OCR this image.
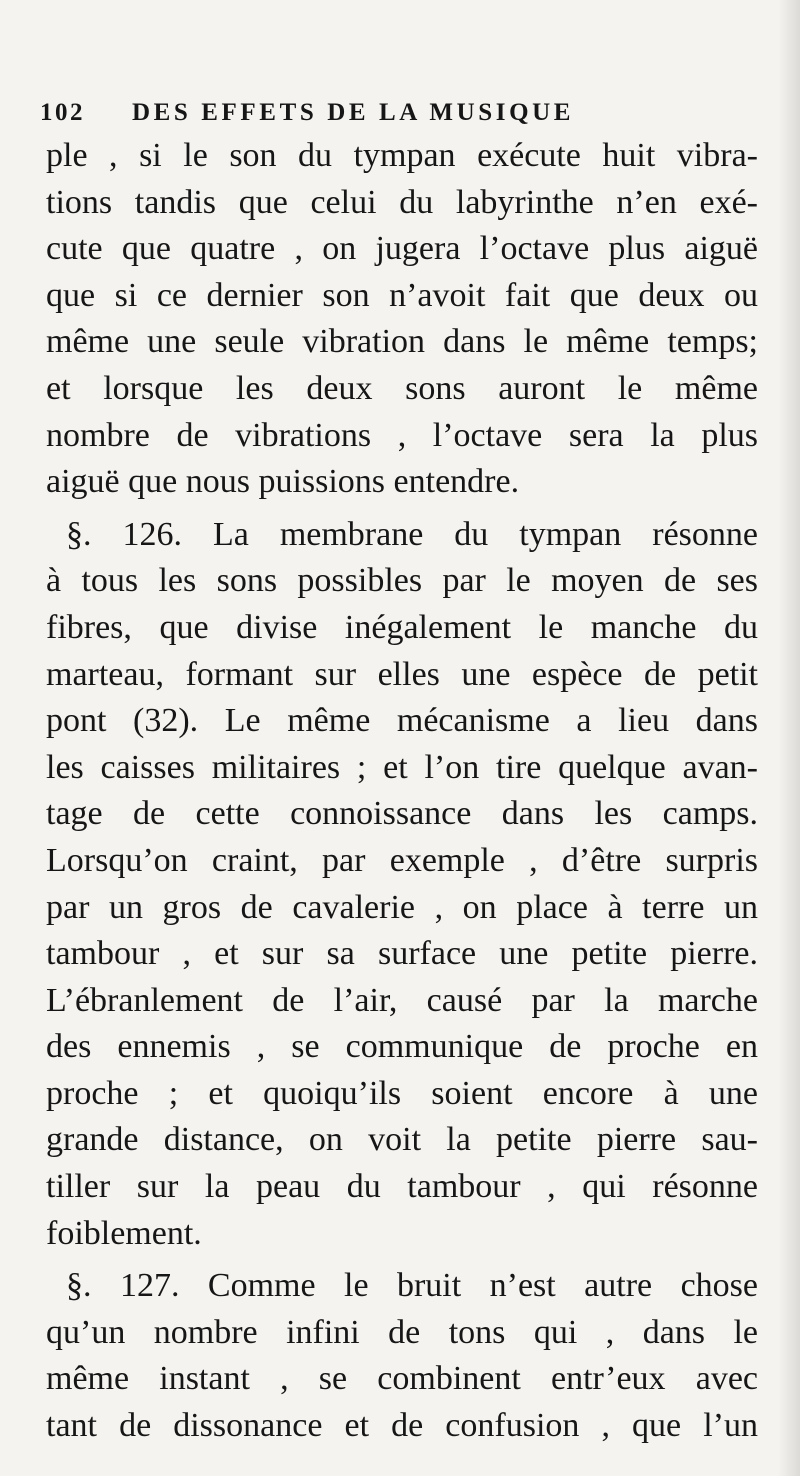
102 DES EFFETS DE LA MUSIQUE
ple , si le son du tympan exécute huit vibra-
tions tandis que celui du labyrinthe n’en exé-
cute que quatre , on jugera l’octave plus aiguë
que si ce dernier son n’avoit fait que deux ou
même une seule vibration dans le même temps;
et lorsque les deux sons auront le même
nombre de vibrations , l’octave sera la plus
aiguë que nous puissions entendre.
§. 126. La membrane du tympan résonne
à tous les sons possibles par le moyen de ses
fibres, que divise inégalement le manche du
marteau, formant sur elles une espèce de petit
pont (32). Le même mécanisme a lieu dans
les caisses militaires ; et l’on tire quelque avan-
tage de cette connoissance dans les camps.
Lorsqu’on craint, par exemple , d’être surpris
par un gros de cavalerie , on place à terre un
tambour , et sur sa surface une petite pierre.
L’ébranlement de l’air, causé par la marche
des ennemis , se communique de proche en
proche ; et quoiqu’ils soient encore à une
grande distance, on voit la petite pierre sau-
tiller sur la peau du tambour , qui résonne
foiblement.
§. 127. Comme le bruit n’est autre chose
qu’un nombre infini de tons qui , dans le
même instant , se combinent entr’eux avec
tant de dissonance et de confusion , que l’un
